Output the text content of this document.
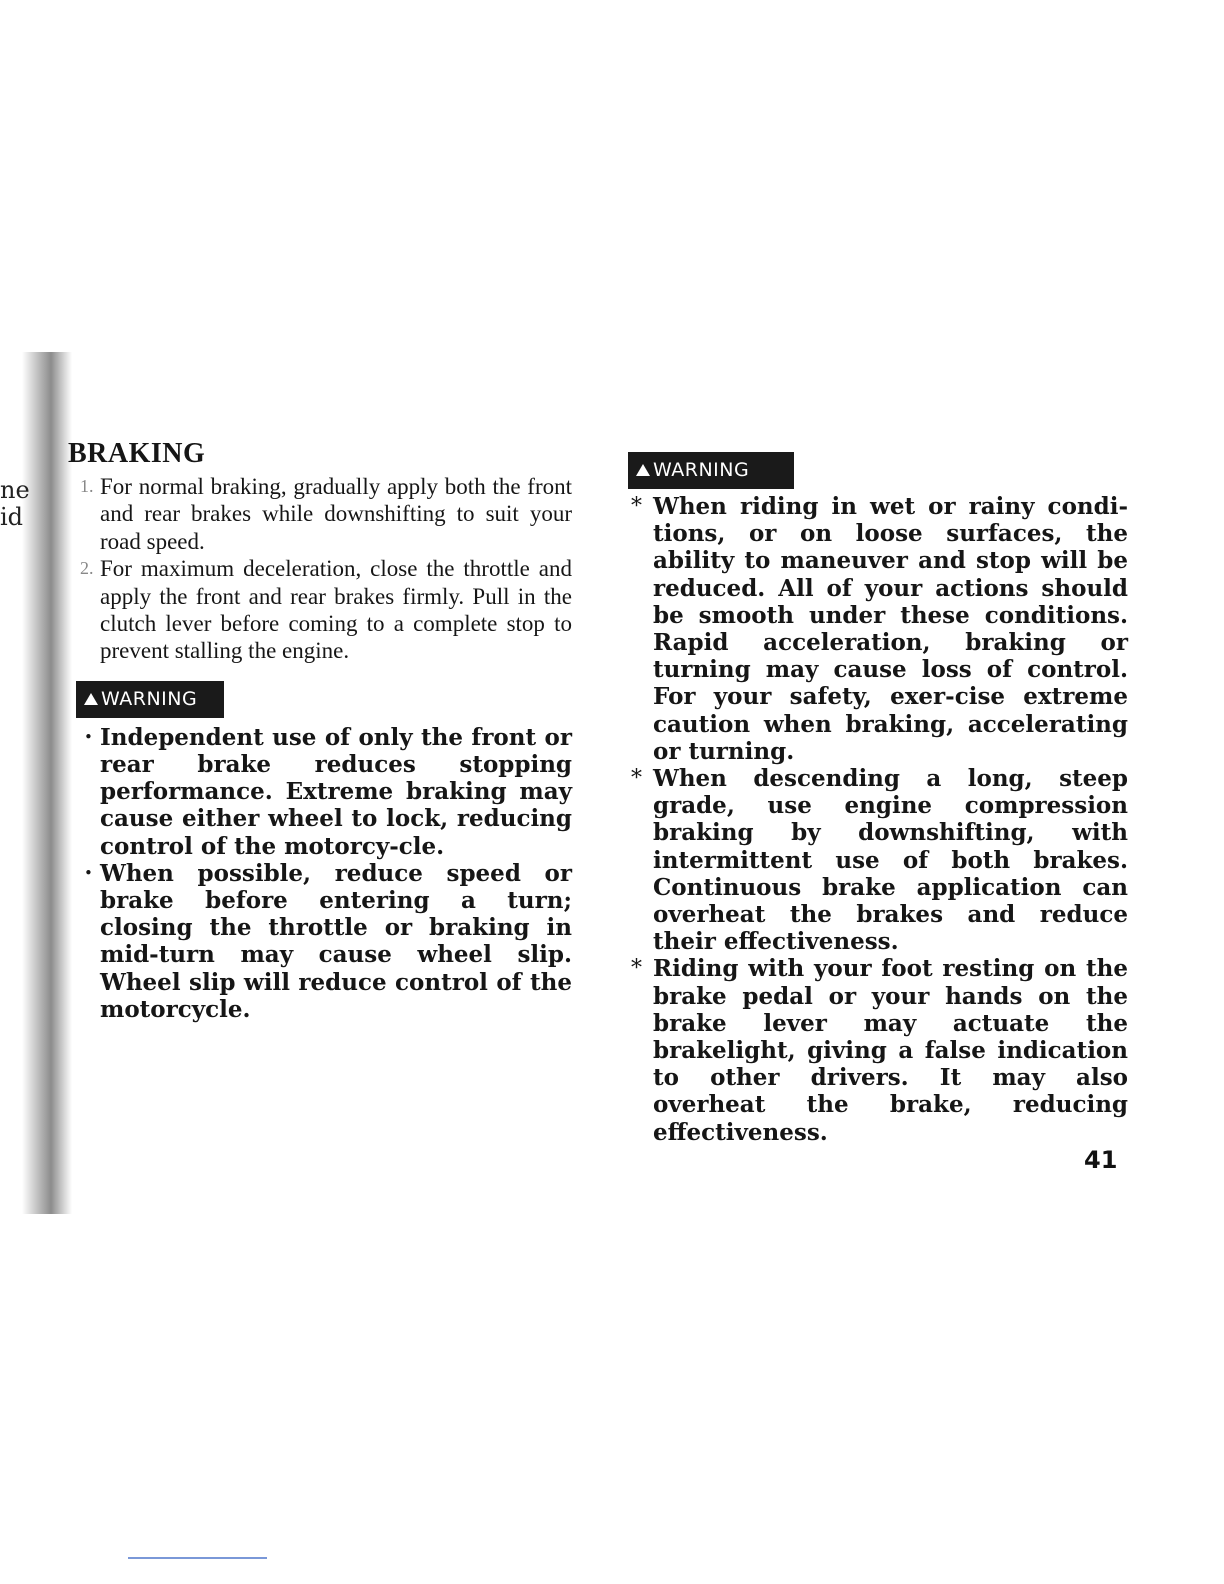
ne
id
BRAKING

1. For normal braking, gradually apply both the front and rear brakes while downshifting to suit your road speed.

2. For maximum deceleration, close the throttle and apply the front and rear brakes firmly. Pull in the clutch lever before coming to a complete stop to prevent stalling the engine.

WARNING

• Independent use of only the front or rear brake reduces stopping performance. Extreme braking may cause either wheel to lock, reducing control of the motorcy-cle.

• When possible, reduce speed or brake before entering a turn; closing the throttle or braking in mid-turn may cause wheel slip. Wheel slip will reduce control of the motorcycle.

WARNING

* When riding in wet or rainy condi-tions, or on loose surfaces, the ability to maneuver and stop will be reduced. All of your actions should be smooth under these conditions. Rapid acceleration, braking or turning may cause loss of control. For your safety, exer-cise extreme caution when braking, accelerating or turning.

* When descending a long, steep grade, use engine compression braking by downshifting, with intermittent use of both brakes. Continuous brake application can overheat the brakes and reduce their effectiveness.

* Riding with your foot resting on the brake pedal or your hands on the brake lever may actuate the brakelight, giving a false indication to other drivers. It may also overheat the brake, reducing effectiveness.

41
